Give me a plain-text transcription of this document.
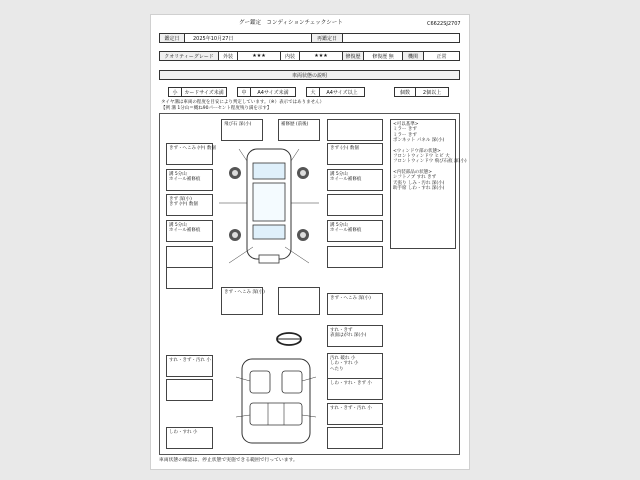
グー鑑定　コンディションチェックシート	C6622SJ2707
鑑定日	2025年10月27日	再鑑定日
クオリティーグレード	外装	★★★	内装	★★★	修復歴	修復歴
無	機関	正常
車両状態の説明
小	カードサイズ未満	中	A4サイズ未満	大	A4サイズ以上	個数	2個以上
タイヤ溝は車両の程度を目安により判定しています。（※）表示ではありません）
【例 溝 1分山＝概ね90パーセント程度残り満を示す】
きず・へこみ (中) 数個
溝 5分山
ホイール補修痕
きず 深(小)
きず (中) 数個
溝 5分山
ホイール補修痕
飛び石 深(小)	補修歴 (前後)
きず (小) 数個
溝 5分山
ホイール補修痕
溝 5分山
ホイール補修痕
きず・へこみ 深(小)
きず・へこみ 深(小)
<可以基準>
ミラー きず
ミラー きず
ボンネット パネル 深(小)
<ウィンドウ部の状態>
フロントウィンドウ ヒビ 大
フロントウィンドウ 飛び石痕 深(小)
<内装部品の状態>
シフトノブ すれ きず
天張り しみ・汚れ 深(小)
助手席 しわ・すれ 深(小)
すれ・きず
表面はがれ 深(小)
すれ・きず・汚れ 小	汚れ 破れ 小
しわ・すれ 小
へたり
しわ・すれ・きず 小
すれ・きず・汚れ 小
しわ・すれ 小
車両状態の確認は、停止状態で実施できる範囲で行っています。
